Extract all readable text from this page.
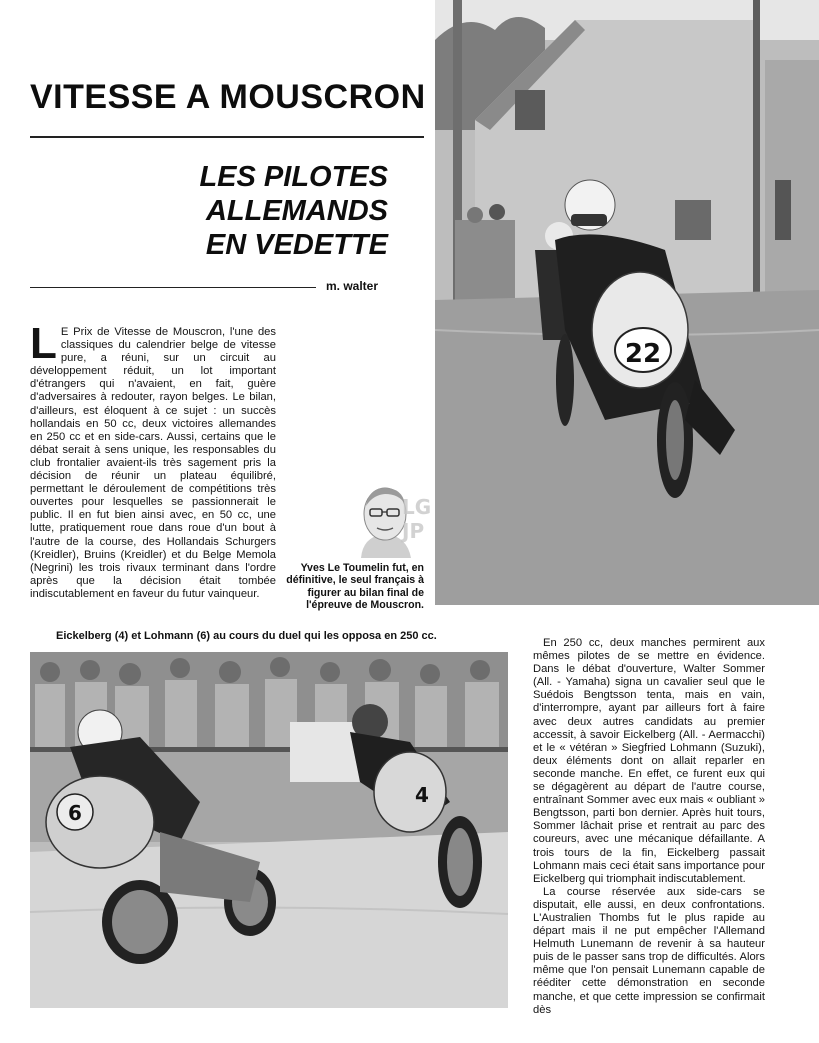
VITESSE A MOUSCRON
LES PILOTES
ALLEMANDS
EN VEDETTE
m. walter
L E Prix de Vitesse de Mouscron, l'une des classiques du calendrier belge de vitesse pure, a réuni, sur un circuit au développement réduit, un lot important d'étrangers qui n'avaient, en fait, guère d'adversaires à redouter, rayon belges. Le bilan, d'ailleurs, est éloquent à ce sujet : un succès hollandais en 50 cc, deux victoires allemandes en 250 cc et en side-cars. Aussi, certains que le débat serait à sens unique, les responsables du club frontalier avaient-ils très sagement pris la décision de réunir un plateau équilibré, permettant le déroulement de compétitions très ouvertes pour lesquelles se passionnerait le public. Il en fut bien ainsi avec, en 50 cc, une lutte, pratiquement roue dans roue d'un bout à l'autre de la course, des Hollandais Schurgers (Kreidler), Bruins (Kreidler) et du Belge Memola (Negrini) les trois rivaux terminant dans l'ordre après que la décision était tombée indiscutablement en faveur du futur vainqueur.
LG
JP
Yves Le Toumelin fut, en définitive, le seul français à figurer au bilan final de l'épreuve de Mouscron.
22
Eickelberg (4) et Lohmann (6) au cours du duel qui les opposa en 250 cc.
6
4

En 250 cc, deux manches permirent aux mêmes pilotes de se mettre en évidence. Dans le débat d'ouverture, Walter Sommer (All. - Yamaha) signa un cavalier seul que le Suédois Bengtsson tenta, mais en vain, d'interrompre, ayant par ailleurs fort à faire avec deux autres candidats au premier accessit, à savoir Eickelberg (All. - Aermacchi) et le « vétéran » Siegfried Lohmann (Suzuki), deux éléments dont on allait reparler en seconde manche. En effet, ce furent eux qui se dégagèrent au départ de l'autre course, entraînant Sommer avec eux mais « oubliant » Bengtsson, parti bon dernier. Après huit tours, Sommer lâchait prise et rentrait au parc des coureurs, avec une mécanique défaillante. A trois tours de la fin, Eickelberg passait Lohmann mais ceci était sans importance pour Eickelberg qui triomphait indiscutablement.

La course réservée aux side-cars se disputait, elle aussi, en deux confrontations. L'Australien Thombs fut le plus rapide au départ mais il ne put empêcher l'Allemand Helmuth Lunemann de revenir à sa hauteur puis de le passer sans trop de difficultés. Alors même que l'on pensait Lunemann capable de rééditer cette démonstration en seconde manche, et que cette impression se confirmait dès
